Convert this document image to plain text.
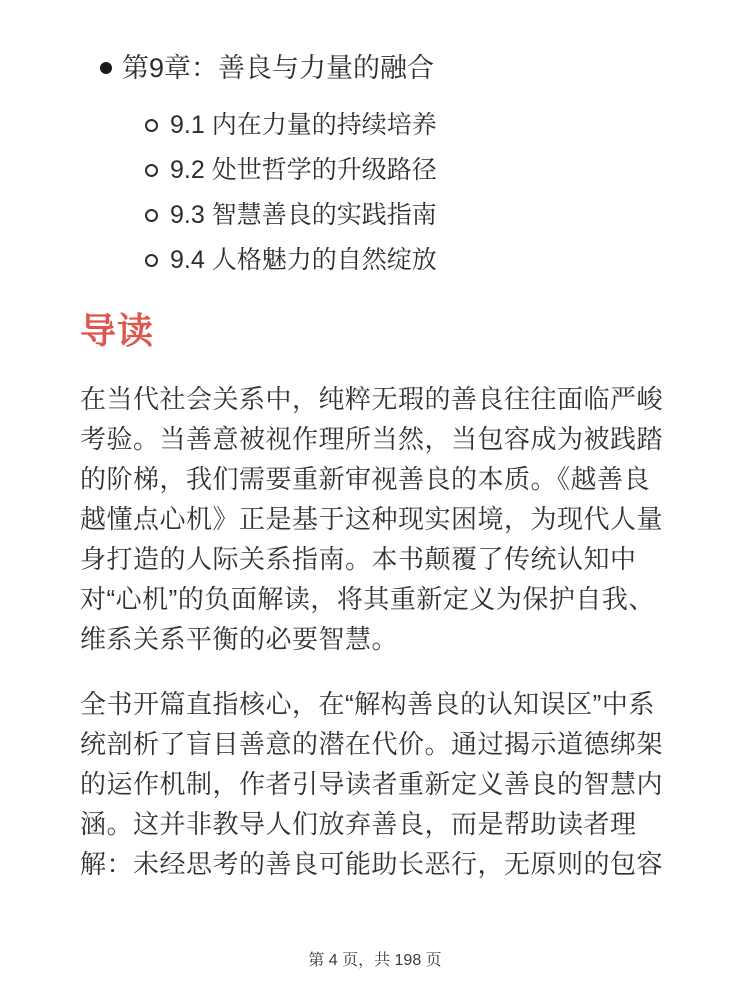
第9章：善良与力量的融合
9.1 内在力量的持续培养
9.2 处世哲学的升级路径
9.3 智慧善良的实践指南
9.4 人格魅力的自然绽放
导读

在当代社会关系中，纯粹无瑕的善良往往面临严峻考验。当善意被视作理所当然，当包容成为被践踏的阶梯，我们需要重新审视善良的本质。《越善良越懂点心机》正是基于这种现实困境，为现代人量身打造的人际关系指南。本书颠覆了传统认知中对“心机”的负面解读，将其重新定义为保护自我、维系关系平衡的必要智慧。

全书开篇直指核心，在“解构善良的认知误区”中系统剖析了盲目善意的潜在代价。通过揭示道德绑架的运作机制，作者引导读者重新定义善良的智慧内涵。这并非教导人们放弃善良，而是帮助读者理解：未经思考的善良可能助长恶行，无原则的包容

第 4 页，共 198 页
